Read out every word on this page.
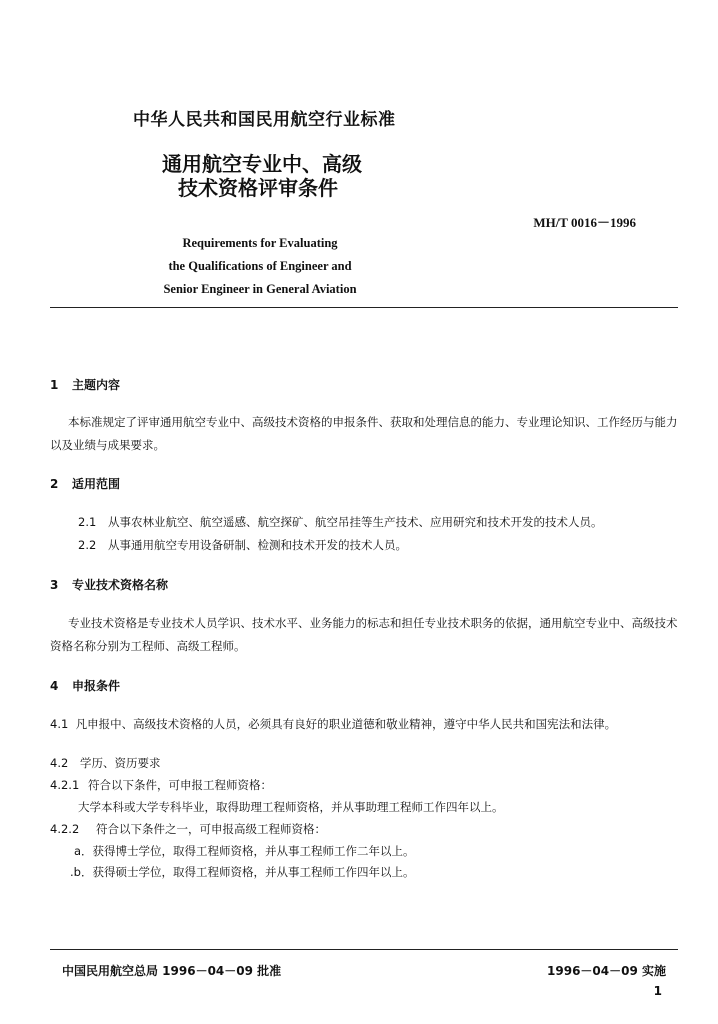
中华人民共和国民用航空行业标准
通用航空专业中、高级
技术资格评审条件
MH/T 0016－1996
Requirements for Evaluating
the Qualifications of Engineer and
Senior Engineer in General Aviation
1 主题内容
本标准规定了评审通用航空专业中、高级技术资格的申报条件、获取和处理信息的能力、专业理论知识、工作经历与能力以及业绩与成果要求。
2 适用范围
2.1 从事农林业航空、航空遥感、航空探矿、航空吊挂等生产技术、应用研究和技术开发的技术人员。
2.2 从事通用航空专用设备研制、检测和技术开发的技术人员。
3 专业技术资格名称
专业技术资格是专业技术人员学识、技术水平、业务能力的标志和担任专业技术职务的依据，通用航空专业中、高级技术资格名称分别为工程师、高级工程师。
4 申报条件
4.1 凡申报中、高级技术资格的人员，必须具有良好的职业道德和敬业精神，遵守中华人民共和国宪法和法律。
4.2 学历、资历要求
4.2.1 符合以下条件，可申报工程师资格：
大学本科或大学专科毕业，取得助理工程师资格，并从事助理工程师工作四年以上。
4.2.2 符合以下条件之一，可申报高级工程师资格：
a．获得博士学位，取得工程师资格，并从事工程师工作二年以上。
.b．获得硕士学位，取得工程师资格，并从事工程师工作四年以上。
中国民用航空总局 1996－04－09 批准	1996－04－09 实施
1
